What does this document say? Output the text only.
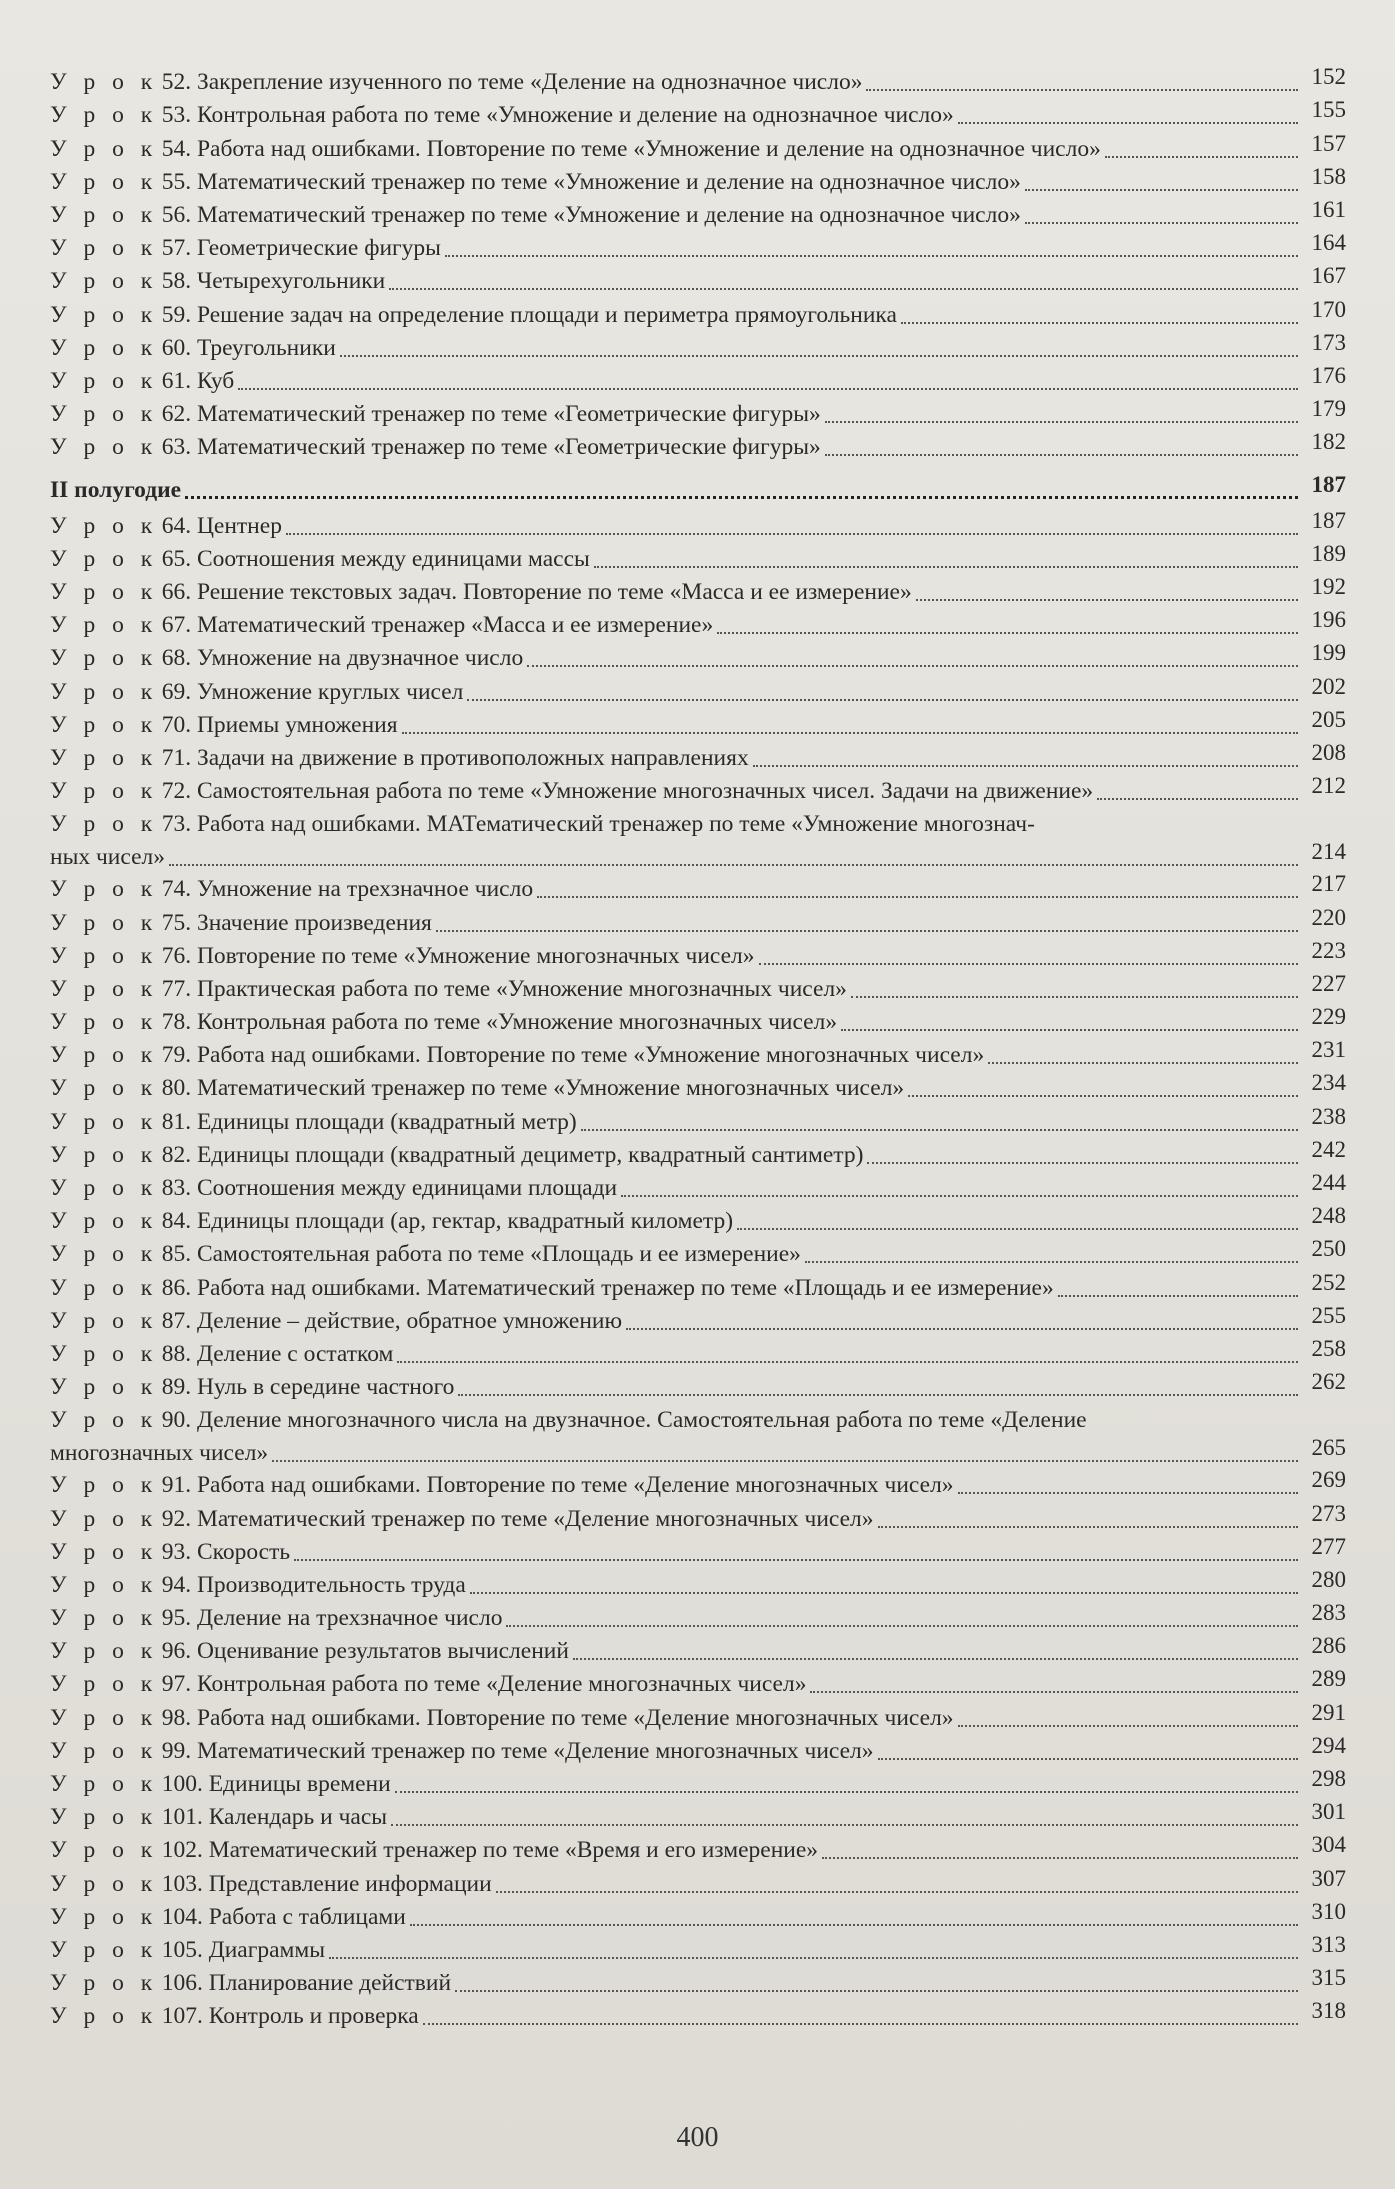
У р о к 52. Закрепление изученного по теме «Деление на однозначное число»	152
У р о к 53. Контрольная работа по теме «Умножение и деление на однозначное число»	155
У р о к 54. Работа над ошибками. Повторение по теме «Умножение и деление на однозначное число»	157
У р о к 55. Математический тренажер по теме «Умножение и деление на однозначное число»	158
У р о к 56. Математический тренажер по теме «Умножение и деление на однозначное число»	161
У р о к 57. Геометрические фигуры	164
У р о к 58. Четырехугольники	167
У р о к 59. Решение задач на определение площади и периметра прямоугольника	170
У р о к 60. Треугольники	173
У р о к 61. Куб	176
У р о к 62. Математический тренажер по теме «Геометрические фигуры»	179
У р о к 63. Математический тренажер по теме «Геометрические фигуры»	182
II полугодие	187
У р о к 64. Центнер	187
У р о к 65. Соотношения между единицами массы	189
У р о к 66. Решение текстовых задач. Повторение по теме «Масса и ее измерение»	192
У р о к 67. Математический тренажер «Масса и ее измерение»	196
У р о к 68. Умножение на двузначное число	199
У р о к 69. Умножение круглых чисел	202
У р о к 70. Приемы умножения	205
У р о к 71. Задачи на движение в противоположных направлениях	208
У р о к 72. Самостоятельная работа по теме «Умножение многозначных чисел. Задачи на движение»	212
У р о к 73. Работа над ошибками. МАТематический тренажер по теме «Умножение многознач-
ных чисел»	214
У р о к 74. Умножение на трехзначное число	217
У р о к 75. Значение произведения	220
У р о к 76. Повторение по теме «Умножение многозначных чисел»	223
У р о к 77. Практическая работа по теме «Умножение многозначных чисел»	227
У р о к 78. Контрольная работа по теме «Умножение многозначных чисел»	229
У р о к 79. Работа над ошибками. Повторение по теме «Умножение многозначных чисел»	231
У р о к 80. Математический тренажер по теме «Умножение многозначных чисел»	234
У р о к 81. Единицы площади (квадратный метр)	238
У р о к 82. Единицы площади (квадратный дециметр, квадратный сантиметр)	242
У р о к 83. Соотношения между единицами площади	244
У р о к 84. Единицы площади (ар, гектар, квадратный километр)	248
У р о к 85. Самостоятельная работа по теме «Площадь и ее измерение»	250
У р о к 86. Работа над ошибками. Математический тренажер по теме «Площадь и ее измерение»	252
У р о к 87. Деление – действие, обратное умножению	255
У р о к 88. Деление с остатком	258
У р о к 89. Нуль в середине частного	262
У р о к 90. Деление многозначного числа на двузначное. Самостоятельная работа по теме «Деление
многозначных чисел»	265
У р о к 91. Работа над ошибками. Повторение по теме «Деление многозначных чисел»	269
У р о к 92. Математический тренажер по теме «Деление многозначных чисел»	273
У р о к 93. Скорость	277
У р о к 94. Производительность труда	280
У р о к 95. Деление на трехзначное число	283
У р о к 96. Оценивание результатов вычислений	286
У р о к 97. Контрольная работа по теме «Деление многозначных чисел»	289
У р о к 98. Работа над ошибками. Повторение по теме «Деление многозначных чисел»	291
У р о к 99. Математический тренажер по теме «Деление многозначных чисел»	294
У р о к 100. Единицы времени	298
У р о к 101. Календарь и часы	301
У р о к 102. Математический тренажер по теме «Время и его измерение»	304
У р о к 103. Представление информации	307
У р о к 104. Работа с таблицами	310
У р о к 105. Диаграммы	313
У р о к 106. Планирование действий	315
У р о к 107. Контроль и проверка	318
400
